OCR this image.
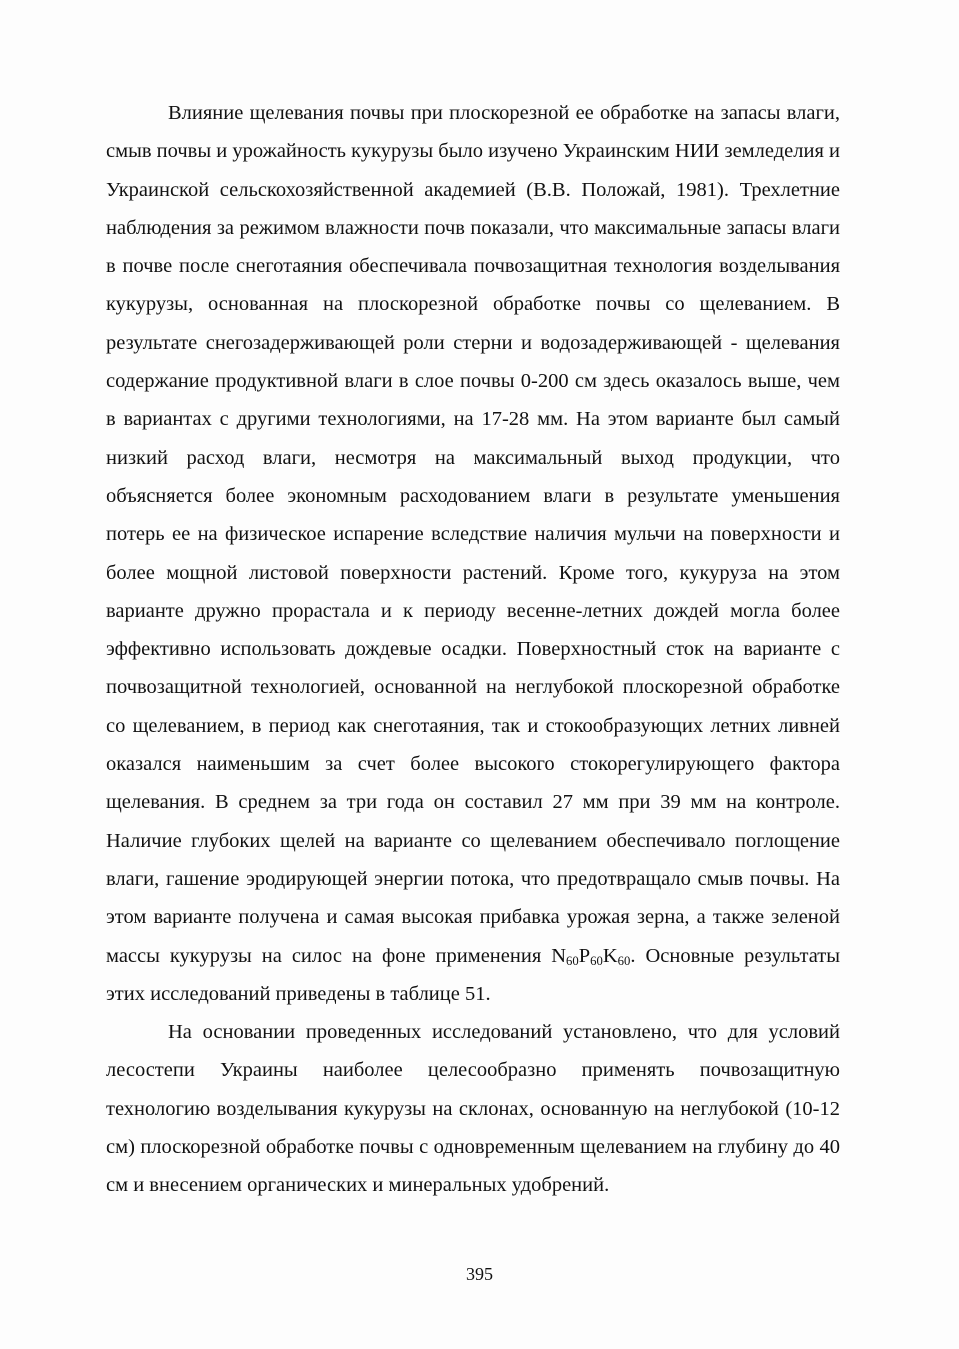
Влияние щелевания почвы при плоскорезной ее обработке на запасы влаги, смыв почвы и урожайность кукурузы было изучено Украинским НИИ земледелия и Украинской сельскохозяйственной академией (В.В. Положай, 1981). Трехлетние наблюдения за режимом влажности почв показали, что максимальные запасы влаги в почве после снеготаяния обеспечивала почвозащитная технология возделывания кукурузы, основанная на плоскорезной обработке почвы со щелеванием. В результате снегозадерживающей роли стерни и водозадерживающей - щелевания содержание продуктивной влаги в слое почвы 0-200 см здесь оказалось выше, чем в вариантах с другими технологиями, на 17-28 мм. На этом варианте был самый низкий расход влаги, несмотря на максимальный выход продукции, что объясняется более экономным расходованием влаги в результате уменьшения потерь ее на физическое испарение вследствие наличия мульчи на поверхности и более мощной листовой поверхности растений. Кроме того, кукуруза на этом варианте дружно прорастала и к периоду весенне-летних дождей могла более эффективно использовать дождевые осадки. Поверхностный сток на варианте с почвозащитной технологией, основанной на неглубокой плоскорезной обработке со щелеванием, в период как снеготаяния, так и стокообразующих летних ливней оказался наименьшим за счет более высокого стокорегулирующего фактора щелевания. В среднем за три года он составил 27 мм при 39 мм на контроле. Наличие глубоких щелей на варианте со щелеванием обеспечивало поглощение влаги, гашение эродирующей энергии потока, что предотвращало смыв почвы. На этом варианте получена и самая высокая прибавка урожая зерна, а также зеленой массы кукурузы на силос на фоне применения $N_{60}P_{60}K_{60}$. Основные результаты этих исследований приведены в таблице 51.

На основании проведенных исследований установлено, что для условий лесостепи Украины наиболее целесообразно применять почвозащитную технологию возделывания кукурузы на склонах, основанную на неглубокой (10-12 см) плоскорезной обработке почвы с одновременным щелеванием на глубину до 40 см и внесением органических и минеральных удобрений.

395
